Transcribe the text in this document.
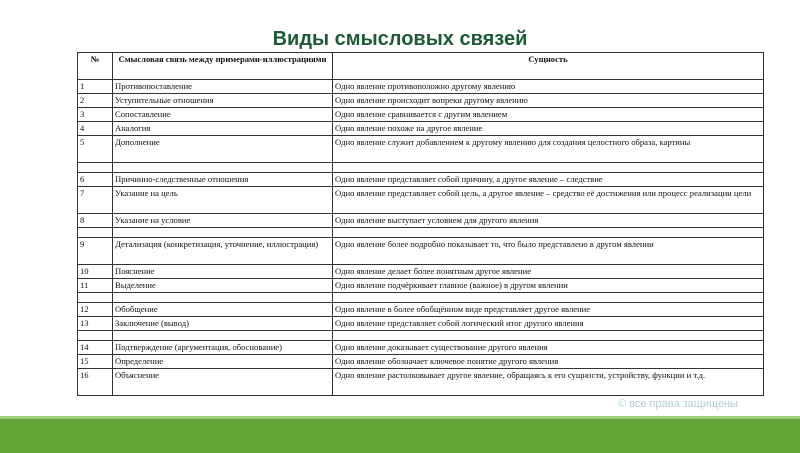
Виды смысловых связей
№	Смысловая связь между примерами-иллюстрациями	Сущность
1	Противопоставление	Одно явление противоположно другому явлению
2	Уступительные отношения	Одно явление происходит вопреки другому явлению
3	Сопоставление	Одно явление сравнивается с другим явлением
4	Аналогия	Одно явление похоже на другое явление
5	Дополнение	Одно явление служит добавлением к другому явлению для создания целостного образа, картины

6	Причинно-следственные отношения	Одно явление представляет собой причину, а другое явление – следствие
7	Указание на цель	Одно явление представляет собой цель, а другое явление – средство её достижения или процесс реализации цели
8	Указание на условие	Одно явление выступает условием для другого явления

9	Детализация (конкретизация, уточнение, иллюстрация)	Одно явление более подробно показывает то, что было представлено в другом явлении
10	Пояснение	Одно явление делает более понятным другое явление
11	Выделение	Одно явление подчёркивает главное (важное) в другом явлении

12	Обобщение	Одно явление в более обобщённом виде представляет другое явление
13	Заключение (вывод)	Одно явление представляет собой логический итог другого явления

14	Подтверждение (аргументация, обоснование)	Одно явление доказывает существование другого явления
15	Определение	Одно явление обозначает ключевое понятие другого явления
16	Объяснение	Одно явление растолковывает другое явление, обращаясь к его сущности, устройству, функции и т.д.
© все права защищены
